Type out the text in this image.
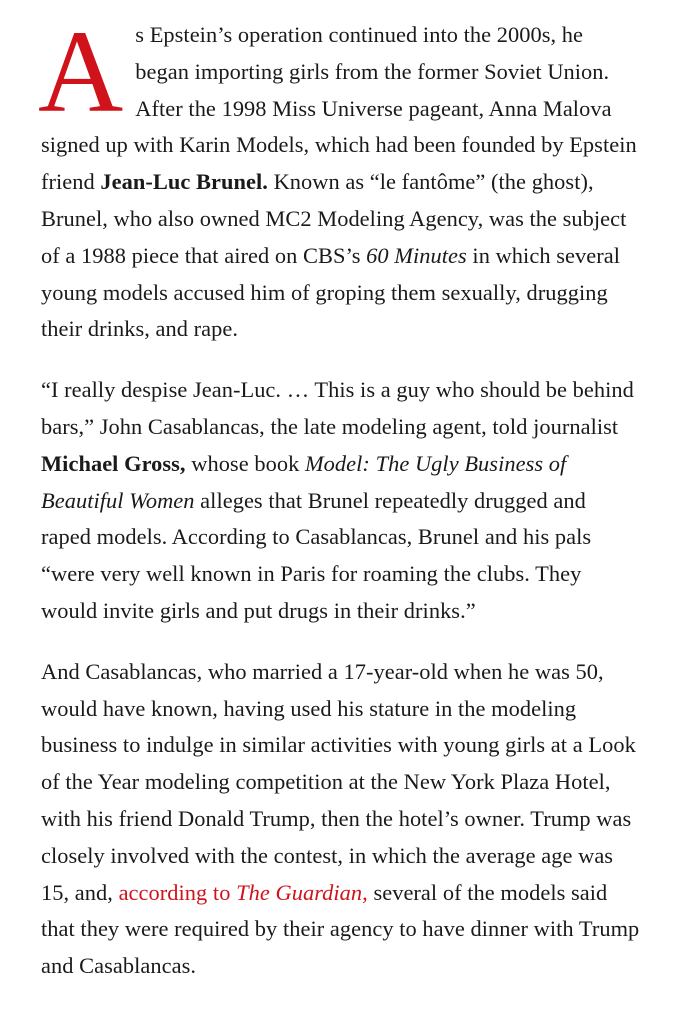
As Epstein’s operation continued into the 2000s, he began importing girls from the former Soviet Union. After the 1998 Miss Universe pageant, Anna Malova signed up with Karin Models, which had been founded by Epstein friend Jean-Luc Brunel. Known as “le fantôme” (the ghost), Brunel, who also owned MC2 Modeling Agency, was the subject of a 1988 piece that aired on CBS’s 60 Minutes in which several young models accused him of groping them sexually, drugging their drinks, and rape.

“I really despise Jean-Luc. … This is a guy who should be behind bars,” John Casablancas, the late modeling agent, told journalist Michael Gross, whose book Model: The Ugly Business of Beautiful Women alleges that Brunel repeatedly drugged and raped models. According to Casablancas, Brunel and his pals “were very well known in Paris for roaming the clubs. They would invite girls and put drugs in their drinks.”

And Casablancas, who married a 17-year-old when he was 50, would have known, having used his stature in the modeling business to indulge in similar activities with young girls at a Look of the Year modeling competition at the New York Plaza Hotel, with his friend Donald Trump, then the hotel’s owner. Trump was closely involved with the contest, in which the average age was 15, and, according to The Guardian, several of the models said that they were required by their agency to have dinner with Trump and Casablancas.
